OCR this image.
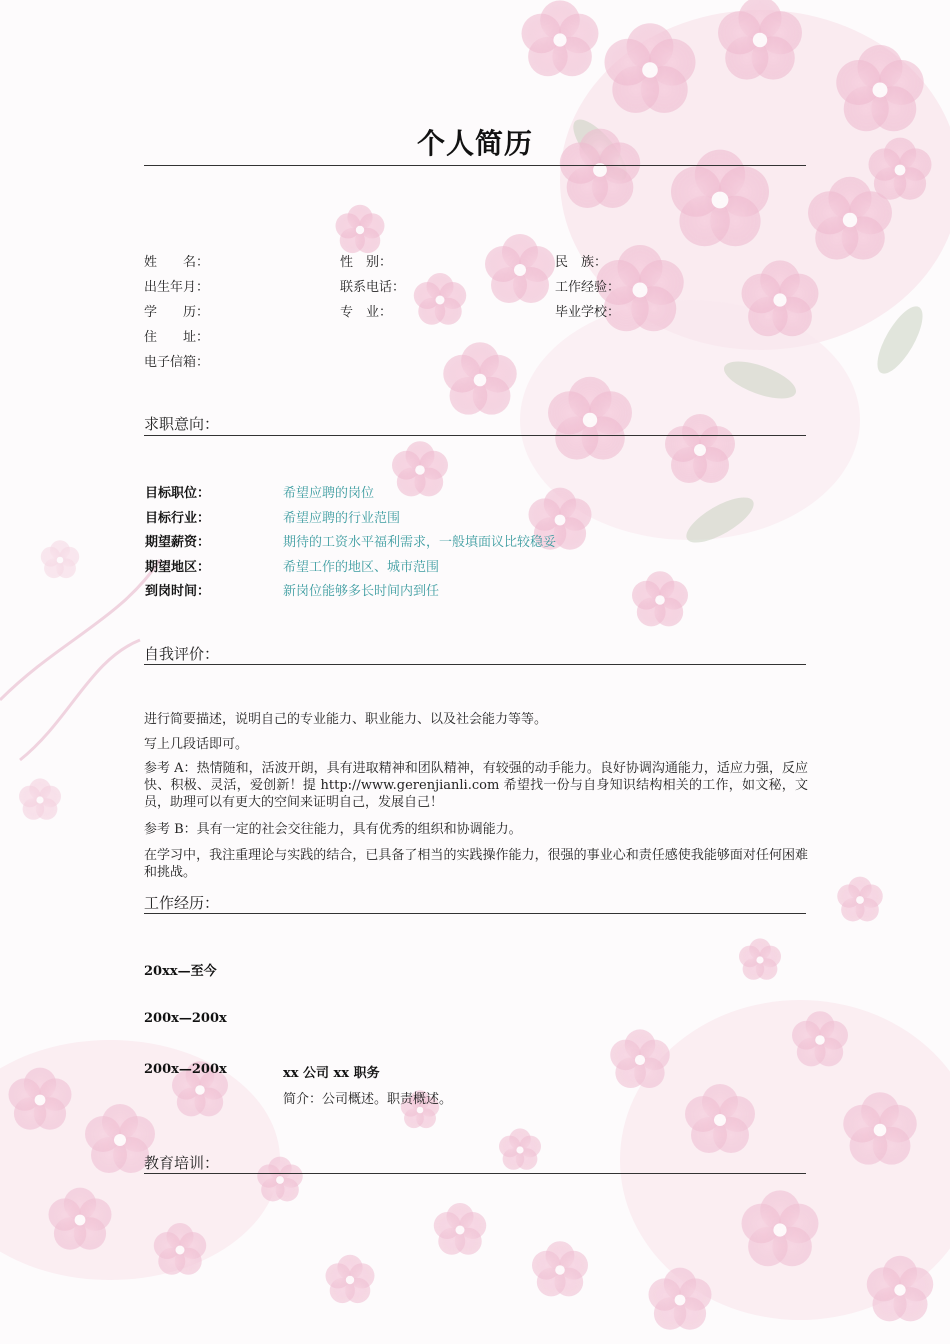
个人简历
姓　　名：	性　别：	民　族：
出生年月：	联系电话：	工作经验：
学　　历：	专　业：	毕业学校：
住　　址：
电子信箱：
求职意向：
目标职位：	希望应聘的岗位
目标行业：	希望应聘的行业范围
期望薪资：	期待的工资水平福利需求，一般填面议比较稳妥
期望地区：	希望工作的地区、城市范围
到岗时间：	新岗位能够多长时间内到任
自我评价：
进行简要描述，说明自己的专业能力、职业能力、以及社会能力等等。
写上几段话即可。
参考 A：热情随和，活波开朗，具有进取精神和团队精神，有较强的动手能力。良好协调沟通能力，适应力强，反应快、积极、灵活，爱创新！提 http://www.gerenjianli.com 希望找一份与自身知识结构相关的工作，如文秘，文员，助理可以有更大的空间来证明自己，发展自己！
参考 B：具有一定的社会交往能力，具有优秀的组织和协调能力。
在学习中，我注重理论与实践的结合，已具备了相当的实践操作能力，很强的事业心和责任感使我能够面对任何困难和挑战。
工作经历：
20xx—至今
200x—200x
200x—200x	xx 公司 xx 职务
简介：公司概述。职责概述。
教育培训：
